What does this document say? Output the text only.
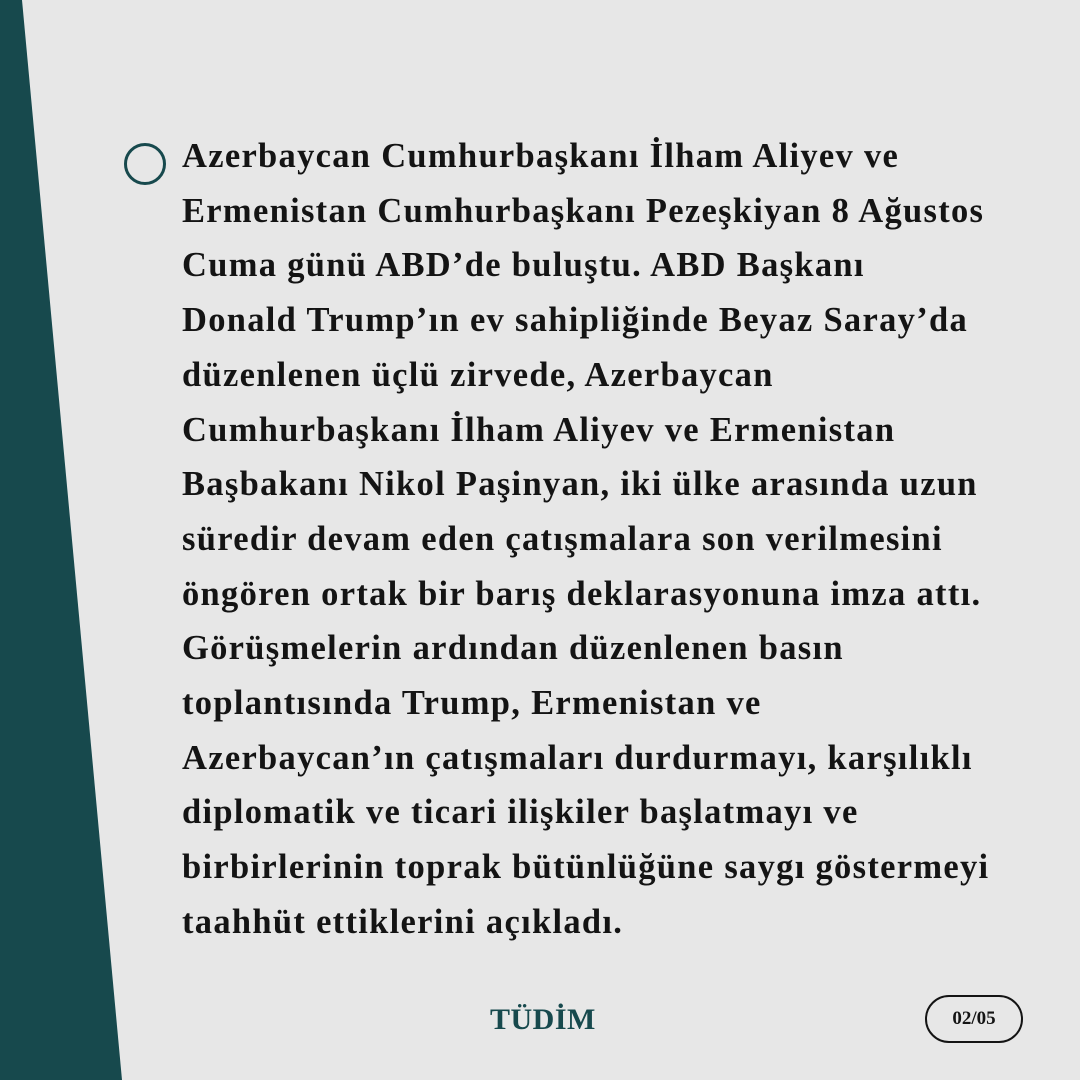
Azerbaycan Cumhurbaşkanı İlham Aliyev ve
Ermenistan Cumhurbaşkanı Pezeşkiyan 8 Ağustos
Cuma günü ABD’de buluştu. ABD Başkanı
Donald Trump’ın ev sahipliğinde Beyaz Saray’da
düzenlenen üçlü zirvede, Azerbaycan
Cumhurbaşkanı İlham Aliyev ve Ermenistan
Başbakanı Nikol Paşinyan, iki ülke arasında uzun
süredir devam eden çatışmalara son verilmesini
öngören ortak bir barış deklarasyonuna imza attı.
Görüşmelerin ardından düzenlenen basın
toplantısında Trump, Ermenistan ve
Azerbaycan’ın çatışmaları durdurmayı, karşılıklı
diplomatik ve ticari ilişkiler başlatmayı ve
birbirlerinin toprak bütünlüğüne saygı göstermeyi
taahhüt ettiklerini açıkladı.

TÜDİM	02/05
